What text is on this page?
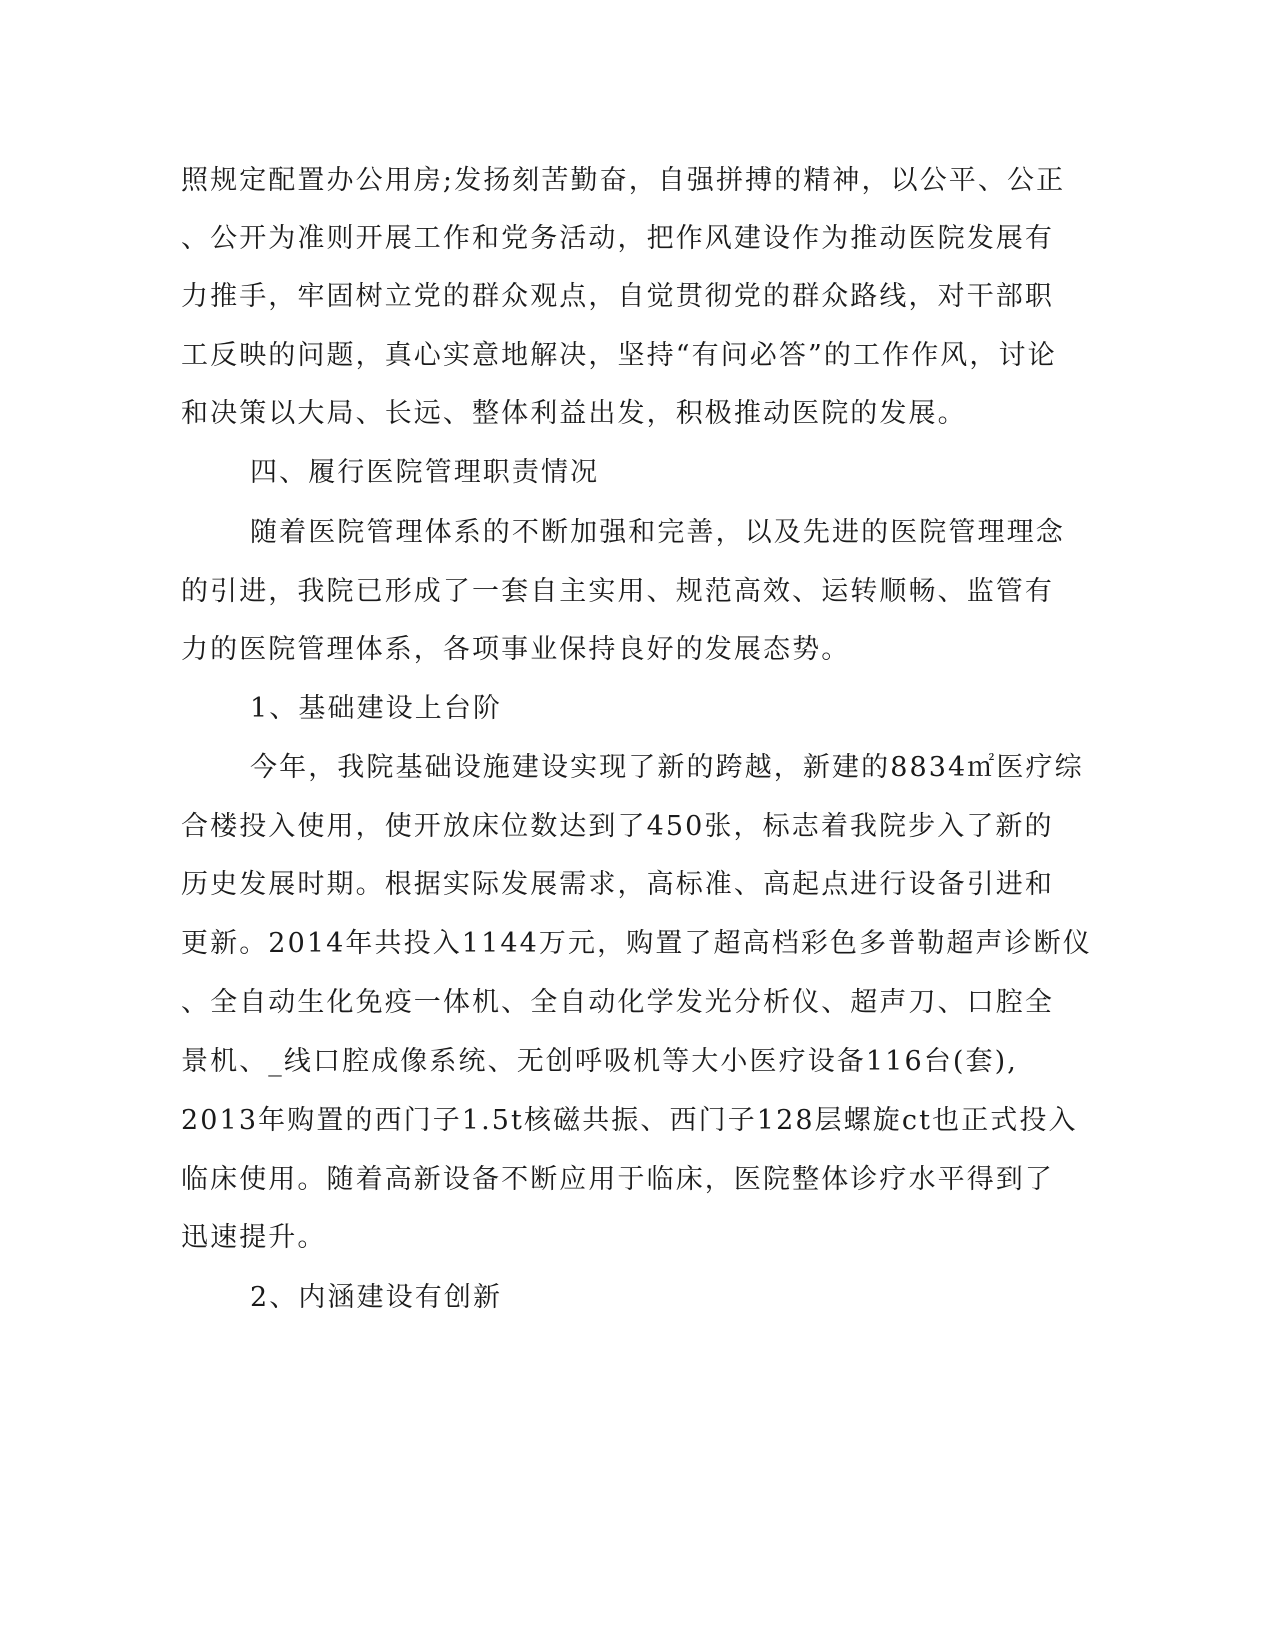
照规定配置办公用房;发扬刻苦勤奋，自强拼搏的精神，以公平、公正
、公开为准则开展工作和党务活动，把作风建设作为推动医院发展有
力推手，牢固树立党的群众观点，自觉贯彻党的群众路线，对干部职
工反映的问题，真心实意地解决，坚持“有问必答”的工作作风，讨论
和决策以大局、长远、整体利益出发，积极推动医院的发展。
四、履行医院管理职责情况
随着医院管理体系的不断加强和完善，以及先进的医院管理理念
的引进，我院已形成了一套自主实用、规范高效、运转顺畅、监管有
力的医院管理体系，各项事业保持良好的发展态势。
1、基础建设上台阶
今年，我院基础设施建设实现了新的跨越，新建的8834㎡医疗综
合楼投入使用，使开放床位数达到了450张，标志着我院步入了新的
历史发展时期。根据实际发展需求，高标准、高起点进行设备引进和
更新。2014年共投入1144万元，购置了超高档彩色多普勒超声诊断仪
、全自动生化免疫一体机、全自动化学发光分析仪、超声刀、口腔全
景机、_线口腔成像系统、无创呼吸机等大小医疗设备116台(套),
2013年购置的西门子1.5t核磁共振、西门子128层螺旋ct也正式投入
临床使用。随着高新设备不断应用于临床，医院整体诊疗水平得到了
迅速提升。
2、内涵建设有创新
